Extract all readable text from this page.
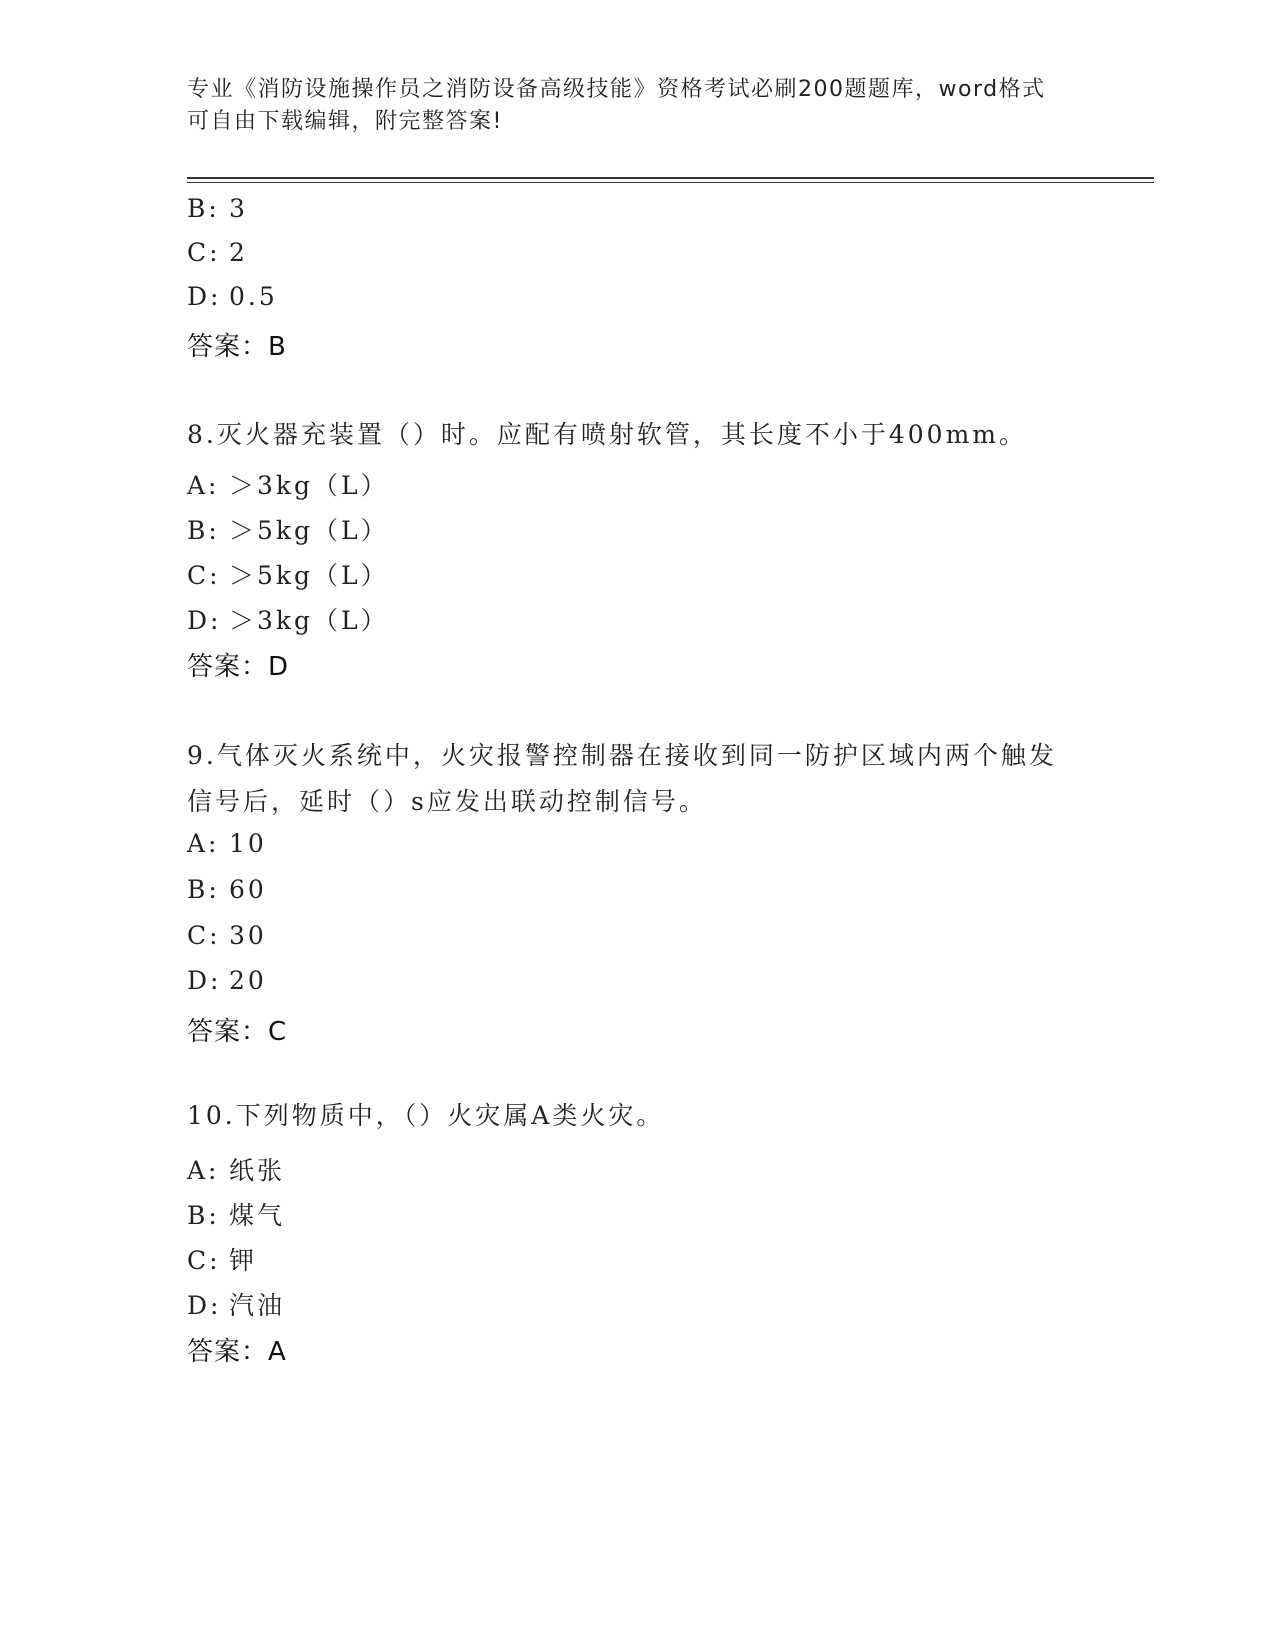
专业《消防设施操作员之消防设备高级技能》资格考试必刷200题题库，word格式可自由下载编辑，附完整答案!
B: 3
C: 2
D: 0.5
答案：B
8.灭火器充装置（）时。应配有喷射软管，其长度不小于400mm。
A: ＞3kg（L）
B: ＞5kg（L）
C: ＞5kg（L）
D: ＞3kg（L）
答案：D
9.气体灭火系统中，火灾报警控制器在接收到同一防护区域内两个触发信号后，延时（）s应发出联动控制信号。
A: 10
B: 60
C: 30
D: 20
答案：C
10.下列物质中，（）火灾属A类火灾。
A: 纸张
B: 煤气
C: 钾
D: 汽油
答案：A
